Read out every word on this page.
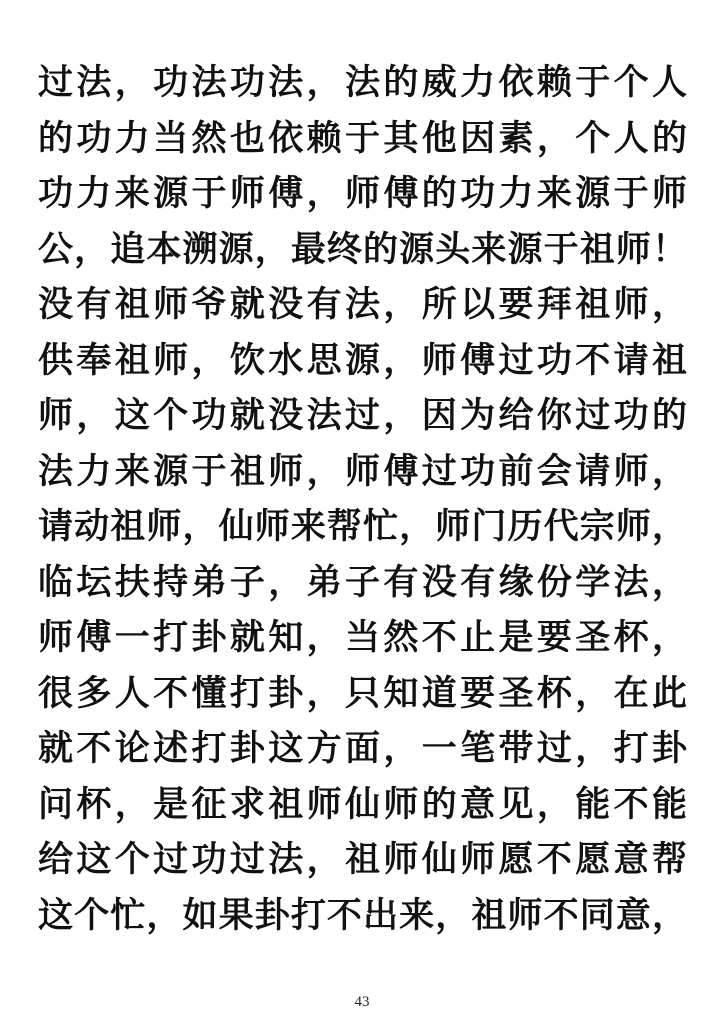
过法，功法功法，法的威力依赖于个人
的功力当然也依赖于其他因素，个人的
功力来源于师傅，师傅的功力来源于师
公，追本溯源，最终的源头来源于祖师！
没有祖师爷就没有法，所以要拜祖师，
供奉祖师，饮水思源，师傅过功不请祖
师，这个功就没法过，因为给你过功的
法力来源于祖师，师傅过功前会请师，
请动祖师，仙师来帮忙，师门历代宗师，
临坛扶持弟子，弟子有没有缘份学法，
师傅一打卦就知，当然不止是要圣杯，
很多人不懂打卦，只知道要圣杯，在此
就不论述打卦这方面，一笔带过，打卦
问杯，是征求祖师仙师的意见，能不能
给这个过功过法，祖师仙师愿不愿意帮
这个忙，如果卦打不出来，祖师不同意，
43
